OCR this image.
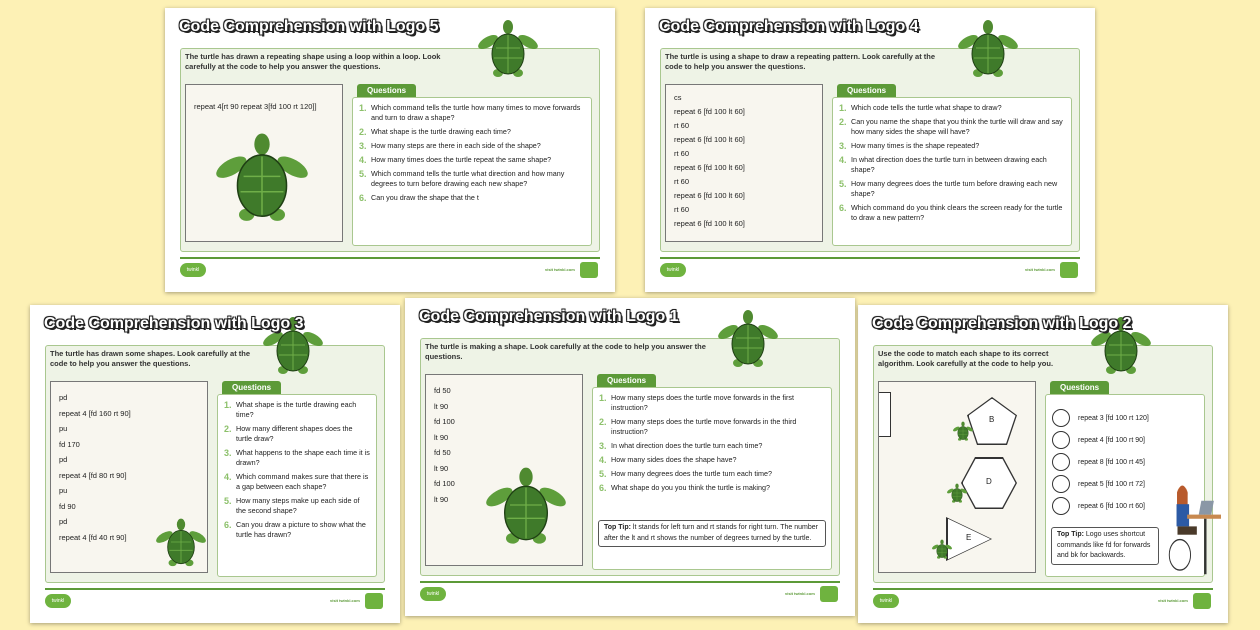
Code Comprehension with Logo 5
The turtle has drawn a repeating shape using a loop within a loop. Look carefully at the code to help you answer the questions.
repeat 4[rt 90 repeat 3[fd 100 rt 120]]
Questions
1. Which command tells the turtle how many times to move forwards and turn to draw a shape?
2. What shape is the turtle drawing each time?
3. How many steps are there in each side of the shape?
4. How many times does the turtle repeat the same shape?
5. Which command tells the turtle what direction and how many degrees to turn before drawing each new shape?
6. Can you draw the shape that the t
twinkl	visit twinkl.com
Code Comprehension with Logo 4
The turtle is using a shape to draw a repeating pattern. Look carefully at the code to help you answer the questions.
cs
repeat 6 [fd 100 lt 60]
rt 60
repeat 6 [fd 100 lt 60]
rt 60
repeat 6 [fd 100 lt 60]
rt 60
repeat 6 [fd 100 lt 60]
rt 60
repeat 6 [fd 100 lt 60]
Questions
1. Which code tells the turtle what shape to draw?
2. Can you name the shape that you think the turtle will draw and say how many sides the shape will have?
3. How many times is the shape repeated?
4. In what direction does the turtle turn in between drawing each shape?
5. How many degrees does the turtle turn before drawing each new shape?
6. Which command do you think clears the screen ready for the turtle to draw a new pattern?
twinkl	visit twinkl.com
Code Comprehension with Logo 3
The turtle has drawn some shapes. Look carefully at the code to help you answer the questions.
pd
repeat 4 [fd 160 rt 90]
pu
fd 170
pd
repeat 4 [fd 80 rt 90]
pu
fd 90
pd
repeat 4 [fd 40 rt 90]
Questions
1. What shape is the turtle drawing each time?
2. How many different shapes does the turtle draw?
3. What happens to the shape each time it is drawn?
4. Which command makes sure that there is a gap between each shape?
5. How many steps make up each side of the second shape?
6. Can you draw a picture to show what the turtle has drawn?
twinkl	visit twinkl.com
Code Comprehension with Logo 2
Use the code to match each shape to its correct algorithm. Look carefully at the code to help you.
B
D
E
Questions
repeat 3 [fd 100 rt 120]
repeat 4 [fd 100 rt 90]
repeat 8 [fd 100 rt 45]
repeat 5 [fd 100 rt 72]
repeat 6 [fd 100 rt 60]
Top Tip: Logo uses shortcut commands like fd for forwards and bk for backwards.
twinkl	visit twinkl.com
Code Comprehension with Logo 1
The turtle is making a shape. Look carefully at the code to help you answer the questions.
fd 50
lt 90
fd 100
lt 90
fd 50
lt 90
fd 100
lt 90
Questions
1. How many steps does the turtle move forwards in the first instruction?
2. How many steps does the turtle move forwards in the third instruction?
3. In what direction does the turtle turn each time?
4. How many sides does the shape have?
5. How many degrees does the turtle turn each time?
6. What shape do you you think the turtle is making?
Top Tip: lt stands for left turn and rt stands for right turn. The number after the lt and rt shows the number of degrees turned by the turtle.
twinkl	visit twinkl.com
